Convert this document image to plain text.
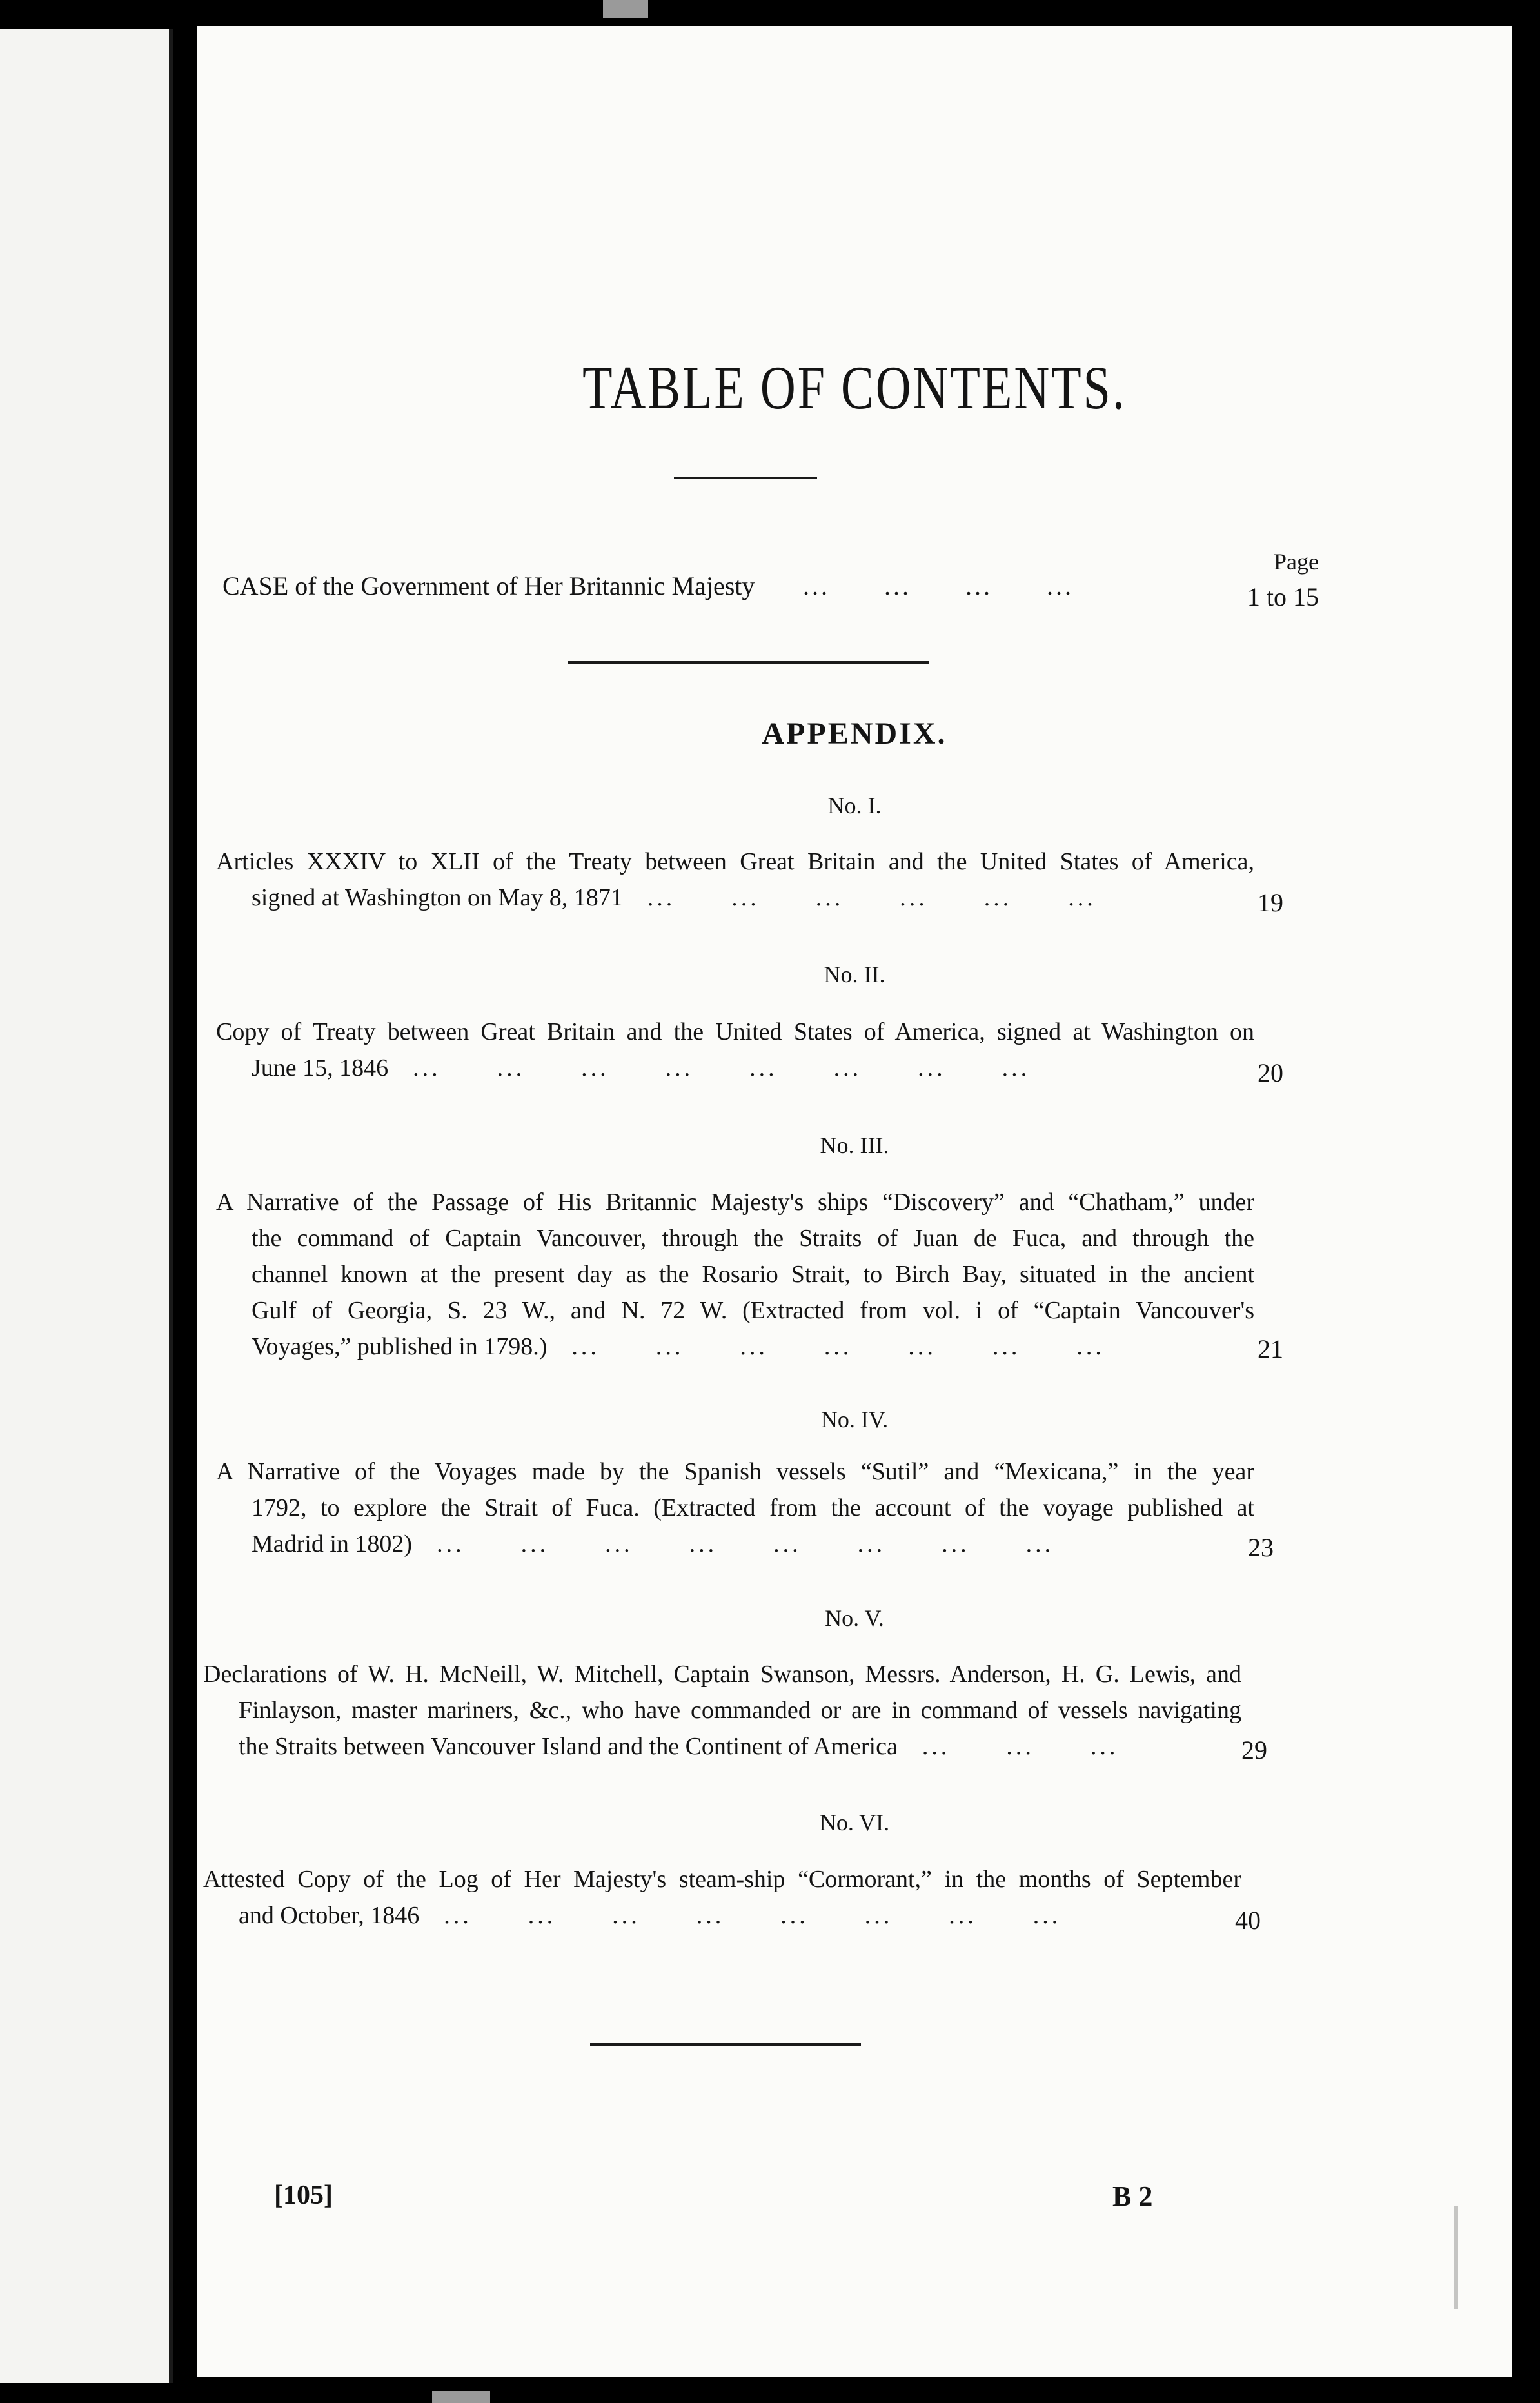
TABLE OF CONTENTS.
Page
CASE of the Government of Her Britannic Majesty ...      ...      ...      ...	1 to 15
APPENDIX.
No. I.
Articles XXXIV to XLII of the Treaty between Great Britain and the United States of America,
signed at Washington on May 8, 1871 ...      ...      ...      ...      ...      ...	19
No. II.
Copy of Treaty between Great Britain and the United States of America, signed at Washington on
June 15, 1846 ...      ...      ...      ...      ...      ...      ...      ...	20
No. III.
A Narrative of the Passage of His Britannic Majesty's ships “Discovery” and “Chatham,” under
the command of Captain Vancouver, through the Straits of Juan de Fuca, and through the
channel known at the present day as the Rosario Strait, to Birch Bay, situated in the ancient
Gulf of Georgia, S. 23 W., and N. 72 W. (Extracted from vol. i of “Captain Vancouver's
Voyages,” published in 1798.) ...      ...      ...      ...      ...      ...      ...	21
No. IV.
A Narrative of the Voyages made by the Spanish vessels “Sutil” and “Mexicana,” in the year
1792, to explore the Strait of Fuca. (Extracted from the account of the voyage published at
Madrid in 1802) ...      ...      ...      ...      ...      ...      ...      ...	23
No. V.
Declarations of W. H. McNeill, W. Mitchell, Captain Swanson, Messrs. Anderson, H. G. Lewis, and
Finlayson, master mariners, &c., who have commanded or are in command of vessels navigating
the Straits between Vancouver Island and the Continent of America ...      ...      ...	29
No. VI.
Attested Copy of the Log of Her Majesty's steam-ship “Cormorant,” in the months of September
and October, 1846 ...      ...      ...      ...      ...      ...      ...      ...	40
[105]	B 2
